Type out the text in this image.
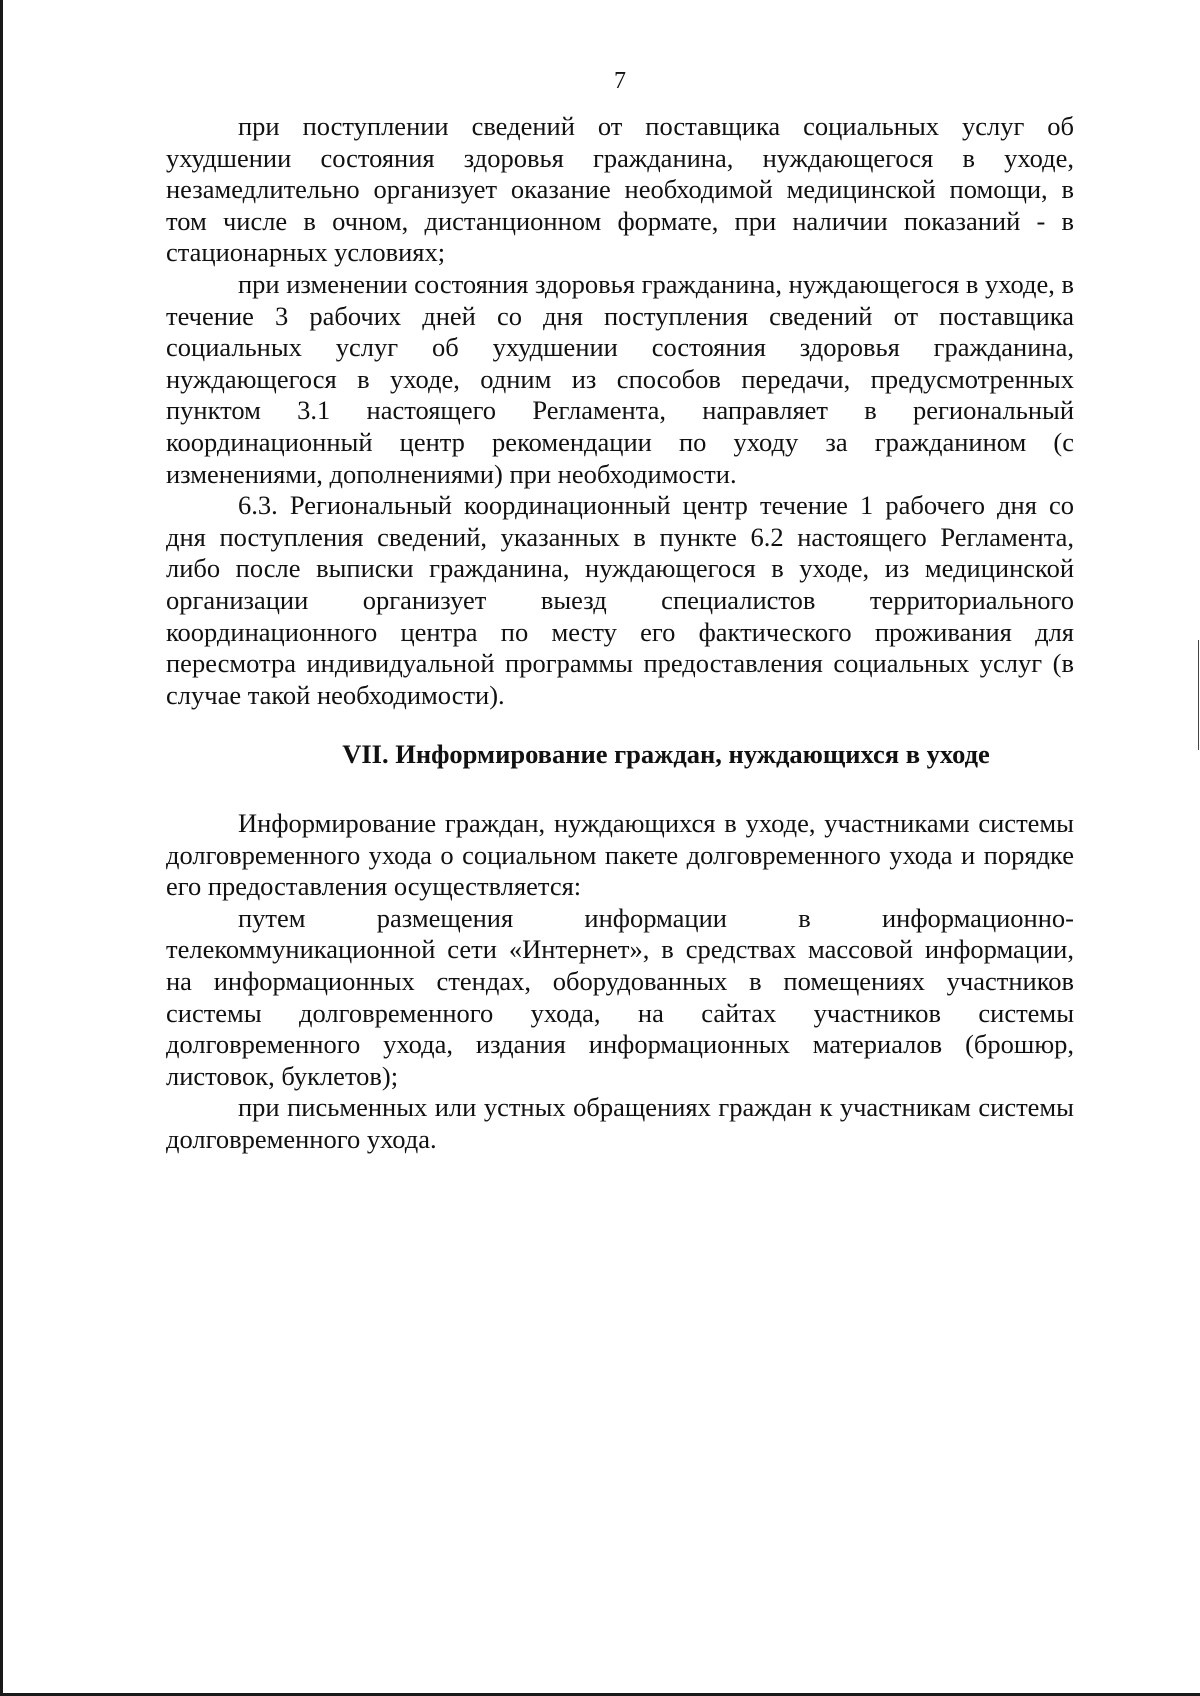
7

при поступлении сведений от поставщика социальных услуг об ухудшении состояния здоровья гражданина, нуждающегося в уходе, незамедлительно организует оказание необходимой медицинской помощи, в том числе в очном, дистанционном формате, при наличии показаний - в стационарных условиях;

при изменении состояния здоровья гражданина, нуждающегося в уходе, в течение 3 рабочих дней со дня поступления сведений от поставщика социальных услуг об ухудшении состояния здоровья гражданина, нуждающегося в уходе, одним из способов передачи, предусмотренных пунктом 3.1 настоящего Регламента, направляет в региональный координационный центр рекомендации по уходу за гражданином (с изменениями, дополнениями) при необходимости.

6.3. Региональный координационный центр течение 1 рабочего дня со дня поступления сведений, указанных в пункте 6.2 настоящего Регламента, либо после выписки гражданина, нуждающегося в уходе, из медицинской организации организует выезд специалистов территориального координационного центра по месту его фактического проживания для пересмотра индивидуальной программы предоставления социальных услуг (в случае такой необходимости).

VII. Информирование граждан, нуждающихся в уходе

Информирование граждан, нуждающихся в уходе, участниками системы долговременного ухода о социальном пакете долговременного ухода и порядке его предоставления осуществляется:

путем размещения информации в информационно-телекоммуникационной сети «Интернет», в средствах массовой информации, на информационных стендах, оборудованных в помещениях участников системы долговременного ухода, на сайтах участников системы долговременного ухода, издания информационных материалов (брошюр, листовок, буклетов);

при письменных или устных обращениях граждан к участникам системы долговременного ухода.
